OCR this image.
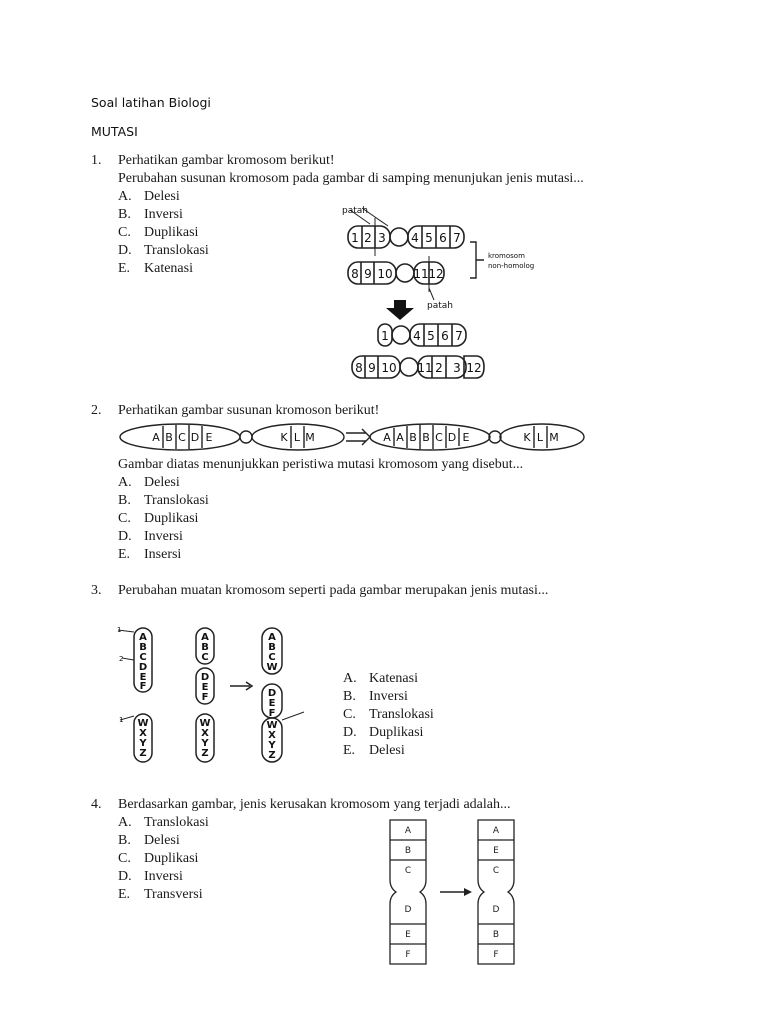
Soal latihan Biologi
MUTASI
1. Perhatikan gambar kromosom berikut!
Perubahan susunan kromosom pada gambar di samping menunjukan jenis mutasi...
A. Delesi
B. Inversi
C. Duplikasi
D. Translokasi
E. Katenasi
patah
patah
kromosom
non-homolog
1 2 3 4 5 6 7
8 9 10 11 12
1 4 5 6 7
8 9 10 11 2 3 12
2. Perhatikan gambar susunan kromoson berikut!
A B C D E	K L M	A A B B C D E	K L M
Gambar diatas menunjukkan peristiwa mutasi kromosom yang disebut...
A. Delesi
B. Translokasi
C. Duplikasi
D. Inversi
E. Insersi
3. Perubahan muatan kromosom seperti pada gambar merupakan jenis mutasi...
1
2
1
A
B
C
D
E
F
A
B
C
D
E
F
A
B
C
W
D
E
F
W
X
Y
Z
W
X
Y
Z
W
X
Y
Z
A. Katenasi
B. Inversi
C. Translokasi
D. Duplikasi
E. Delesi
4. Berdasarkan gambar, jenis kerusakan kromosom yang terjadi adalah...
A. Translokasi
B. Delesi
C. Duplikasi
D. Inversi
E. Transversi
A
B
C
D
E
F
A
E
C
D
B
F
